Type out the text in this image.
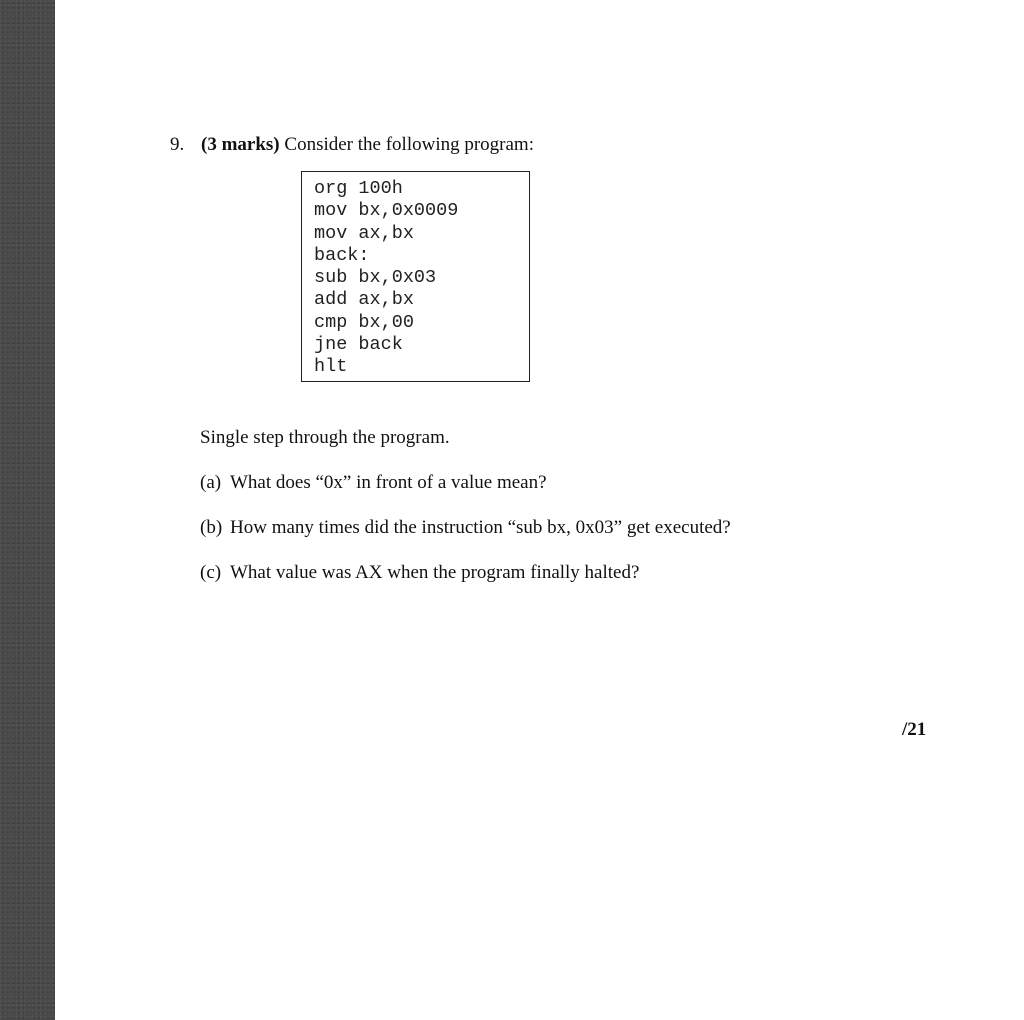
9. (3 marks) Consider the following program:
org 100h
mov bx,0x0009
mov ax,bx
back:
sub bx,0x03
add ax,bx
cmp bx,00
jne back
hlt
Single step through the program.
(a) What does “0x” in front of a value mean?
(b) How many times did the instruction “sub bx, 0x03” get executed?
(c) What value was AX when the program finally halted?
/21
